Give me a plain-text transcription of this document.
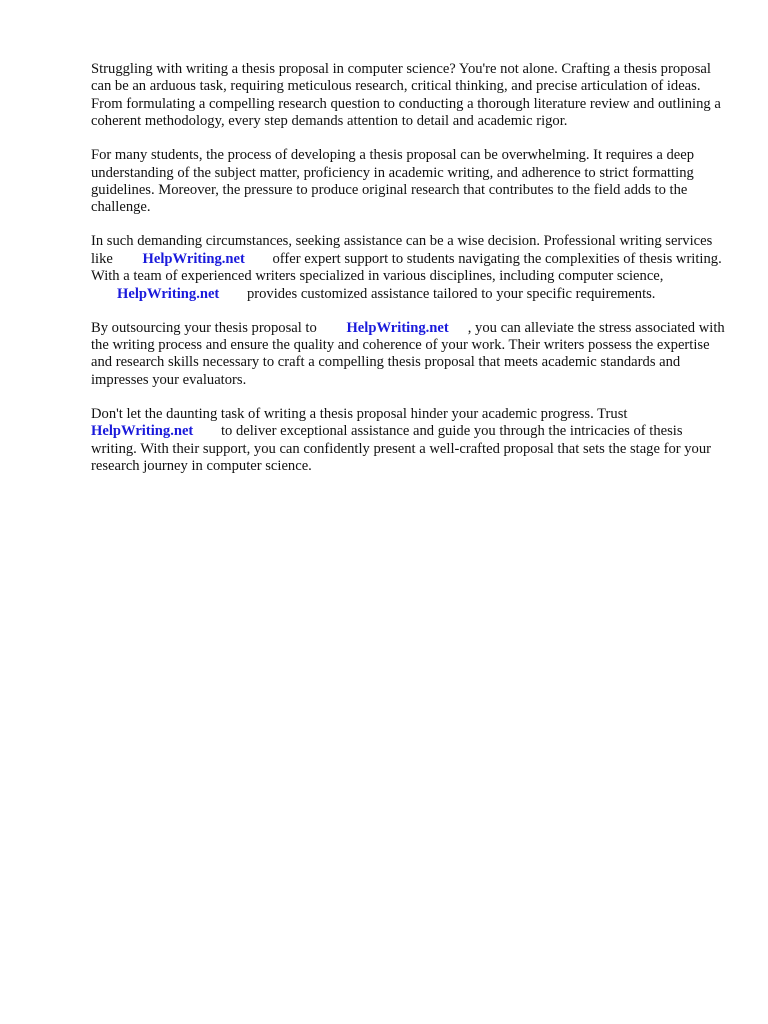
Struggling with writing a thesis proposal in computer science? You're not alone. Crafting a thesis proposal can be an arduous task, requiring meticulous research, critical thinking, and precise articulation of ideas. From formulating a compelling research question to conducting a thorough literature review and outlining a coherent methodology, every step demands attention to detail and academic rigor.

For many students, the process of developing a thesis proposal can be overwhelming. It requires a deep understanding of the subject matter, proficiency in academic writing, and adherence to strict formatting guidelines. Moreover, the pressure to produce original research that contributes to the field adds to the challenge.

In such demanding circumstances, seeking assistance can be a wise decision. Professional writing services like HelpWriting.net offer expert support to students navigating the complexities of thesis writing. With a team of experienced writers specialized in various disciplines, including computer science, HelpWriting.net provides customized assistance tailored to your specific requirements.

By outsourcing your thesis proposal to HelpWriting.net , you can alleviate the stress associated with the writing process and ensure the quality and coherence of your work. Their writers possess the expertise and research skills necessary to craft a compelling thesis proposal that meets academic standards and impresses your evaluators.

Don't let the daunting task of writing a thesis proposal hinder your academic progress. Trust HelpWriting.net to deliver exceptional assistance and guide you through the intricacies of thesis writing. With their support, you can confidently present a well-crafted proposal that sets the stage for your research journey in computer science.
